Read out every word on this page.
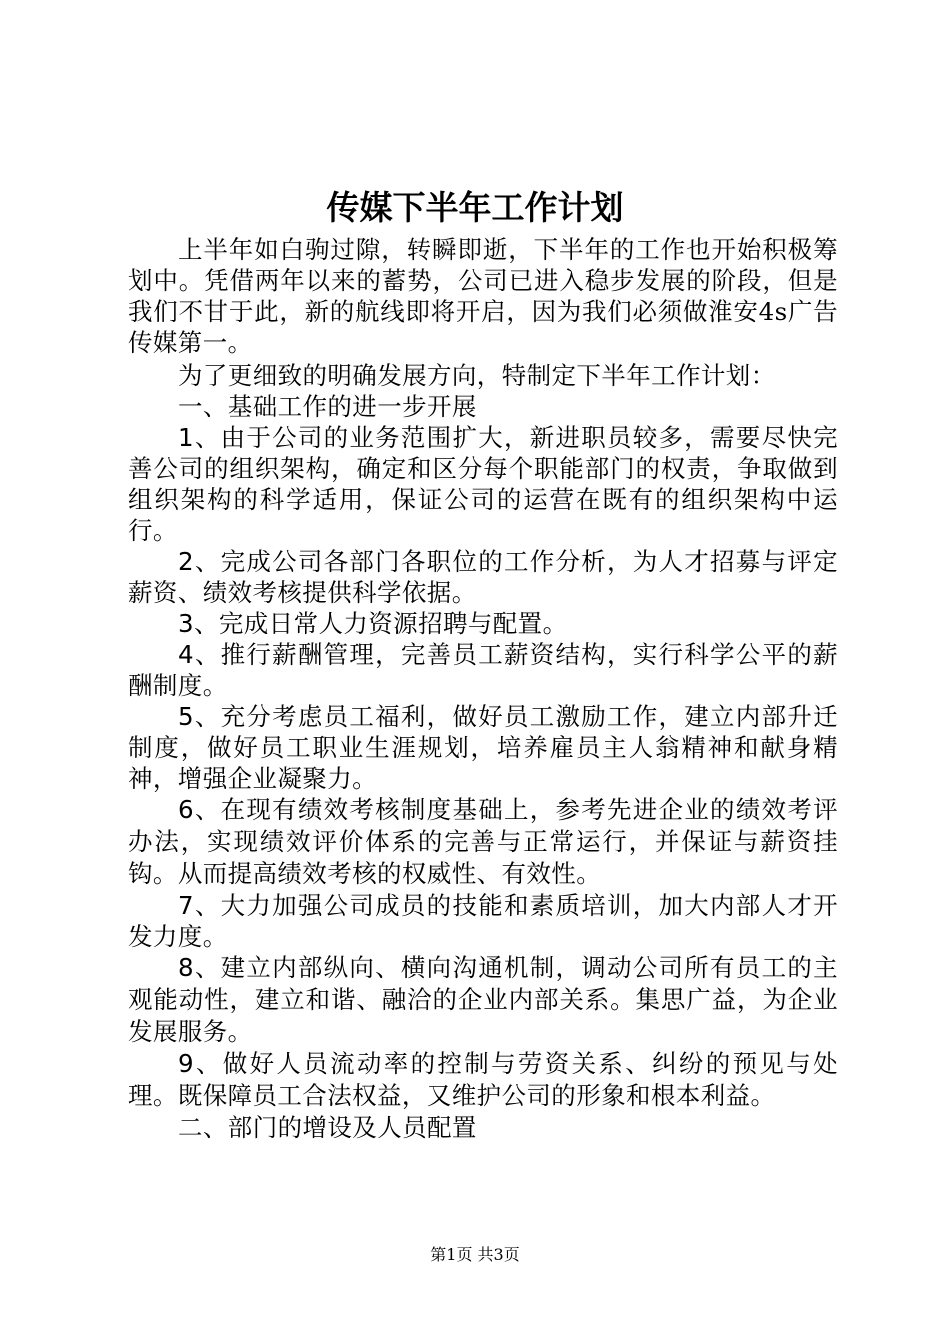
传媒下半年工作计划

上半年如白驹过隙，转瞬即逝，下半年的工作也开始积极筹划中。凭借两年以来的蓄势，公司已进入稳步发展的阶段，但是我们不甘于此，新的航线即将开启，因为我们必须做淮安4s广告传媒第一。

为了更细致的明确发展方向，特制定下半年工作计划：

一、基础工作的进一步开展

1、由于公司的业务范围扩大，新进职员较多，需要尽快完善公司的组织架构，确定和区分每个职能部门的权责，争取做到组织架构的科学适用，保证公司的运营在既有的组织架构中运行。

2、完成公司各部门各职位的工作分析，为人才招募与评定薪资、绩效考核提供科学依据。

3、完成日常人力资源招聘与配置。

4、推行薪酬管理，完善员工薪资结构，实行科学公平的薪酬制度。

5、充分考虑员工福利，做好员工激励工作，建立内部升迁制度，做好员工职业生涯规划，培养雇员主人翁精神和献身精神，增强企业凝聚力。

6、在现有绩效考核制度基础上，参考先进企业的绩效考评办法，实现绩效评价体系的完善与正常运行，并保证与薪资挂钩。从而提高绩效考核的权威性、有效性。

7、大力加强公司成员的技能和素质培训，加大内部人才开发力度。

8、建立内部纵向、横向沟通机制，调动公司所有员工的主观能动性，建立和谐、融洽的企业内部关系。集思广益，为企业发展服务。

9、做好人员流动率的控制与劳资关系、纠纷的预见与处理。既保障员工合法权益，又维护公司的形象和根本利益。

二、部门的增设及人员配置

第1页 共3页
